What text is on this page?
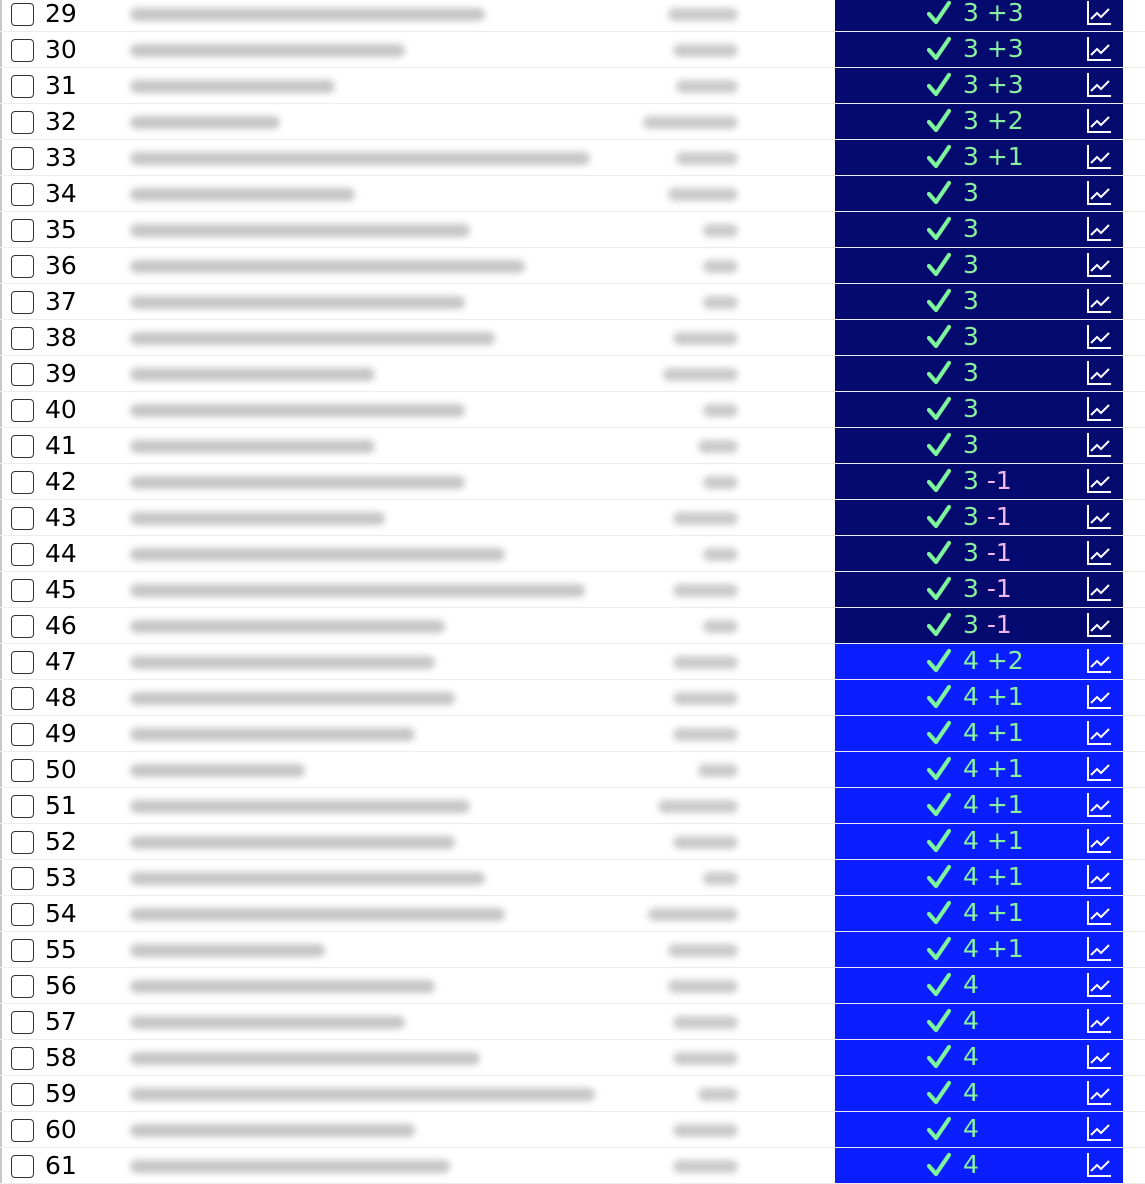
29	3 +3
30	3 +3
31	3 +3
32	3 +2
33	3 +1
34	3
35	3
36	3
37	3
38	3
39	3
40	3
41	3
42	3 -1
43	3 -1
44	3 -1
45	3 -1
46	3 -1
47	4 +2
48	4 +1
49	4 +1
50	4 +1
51	4 +1
52	4 +1
53	4 +1
54	4 +1
55	4 +1
56	4
57	4
58	4
59	4
60	4
61	4
